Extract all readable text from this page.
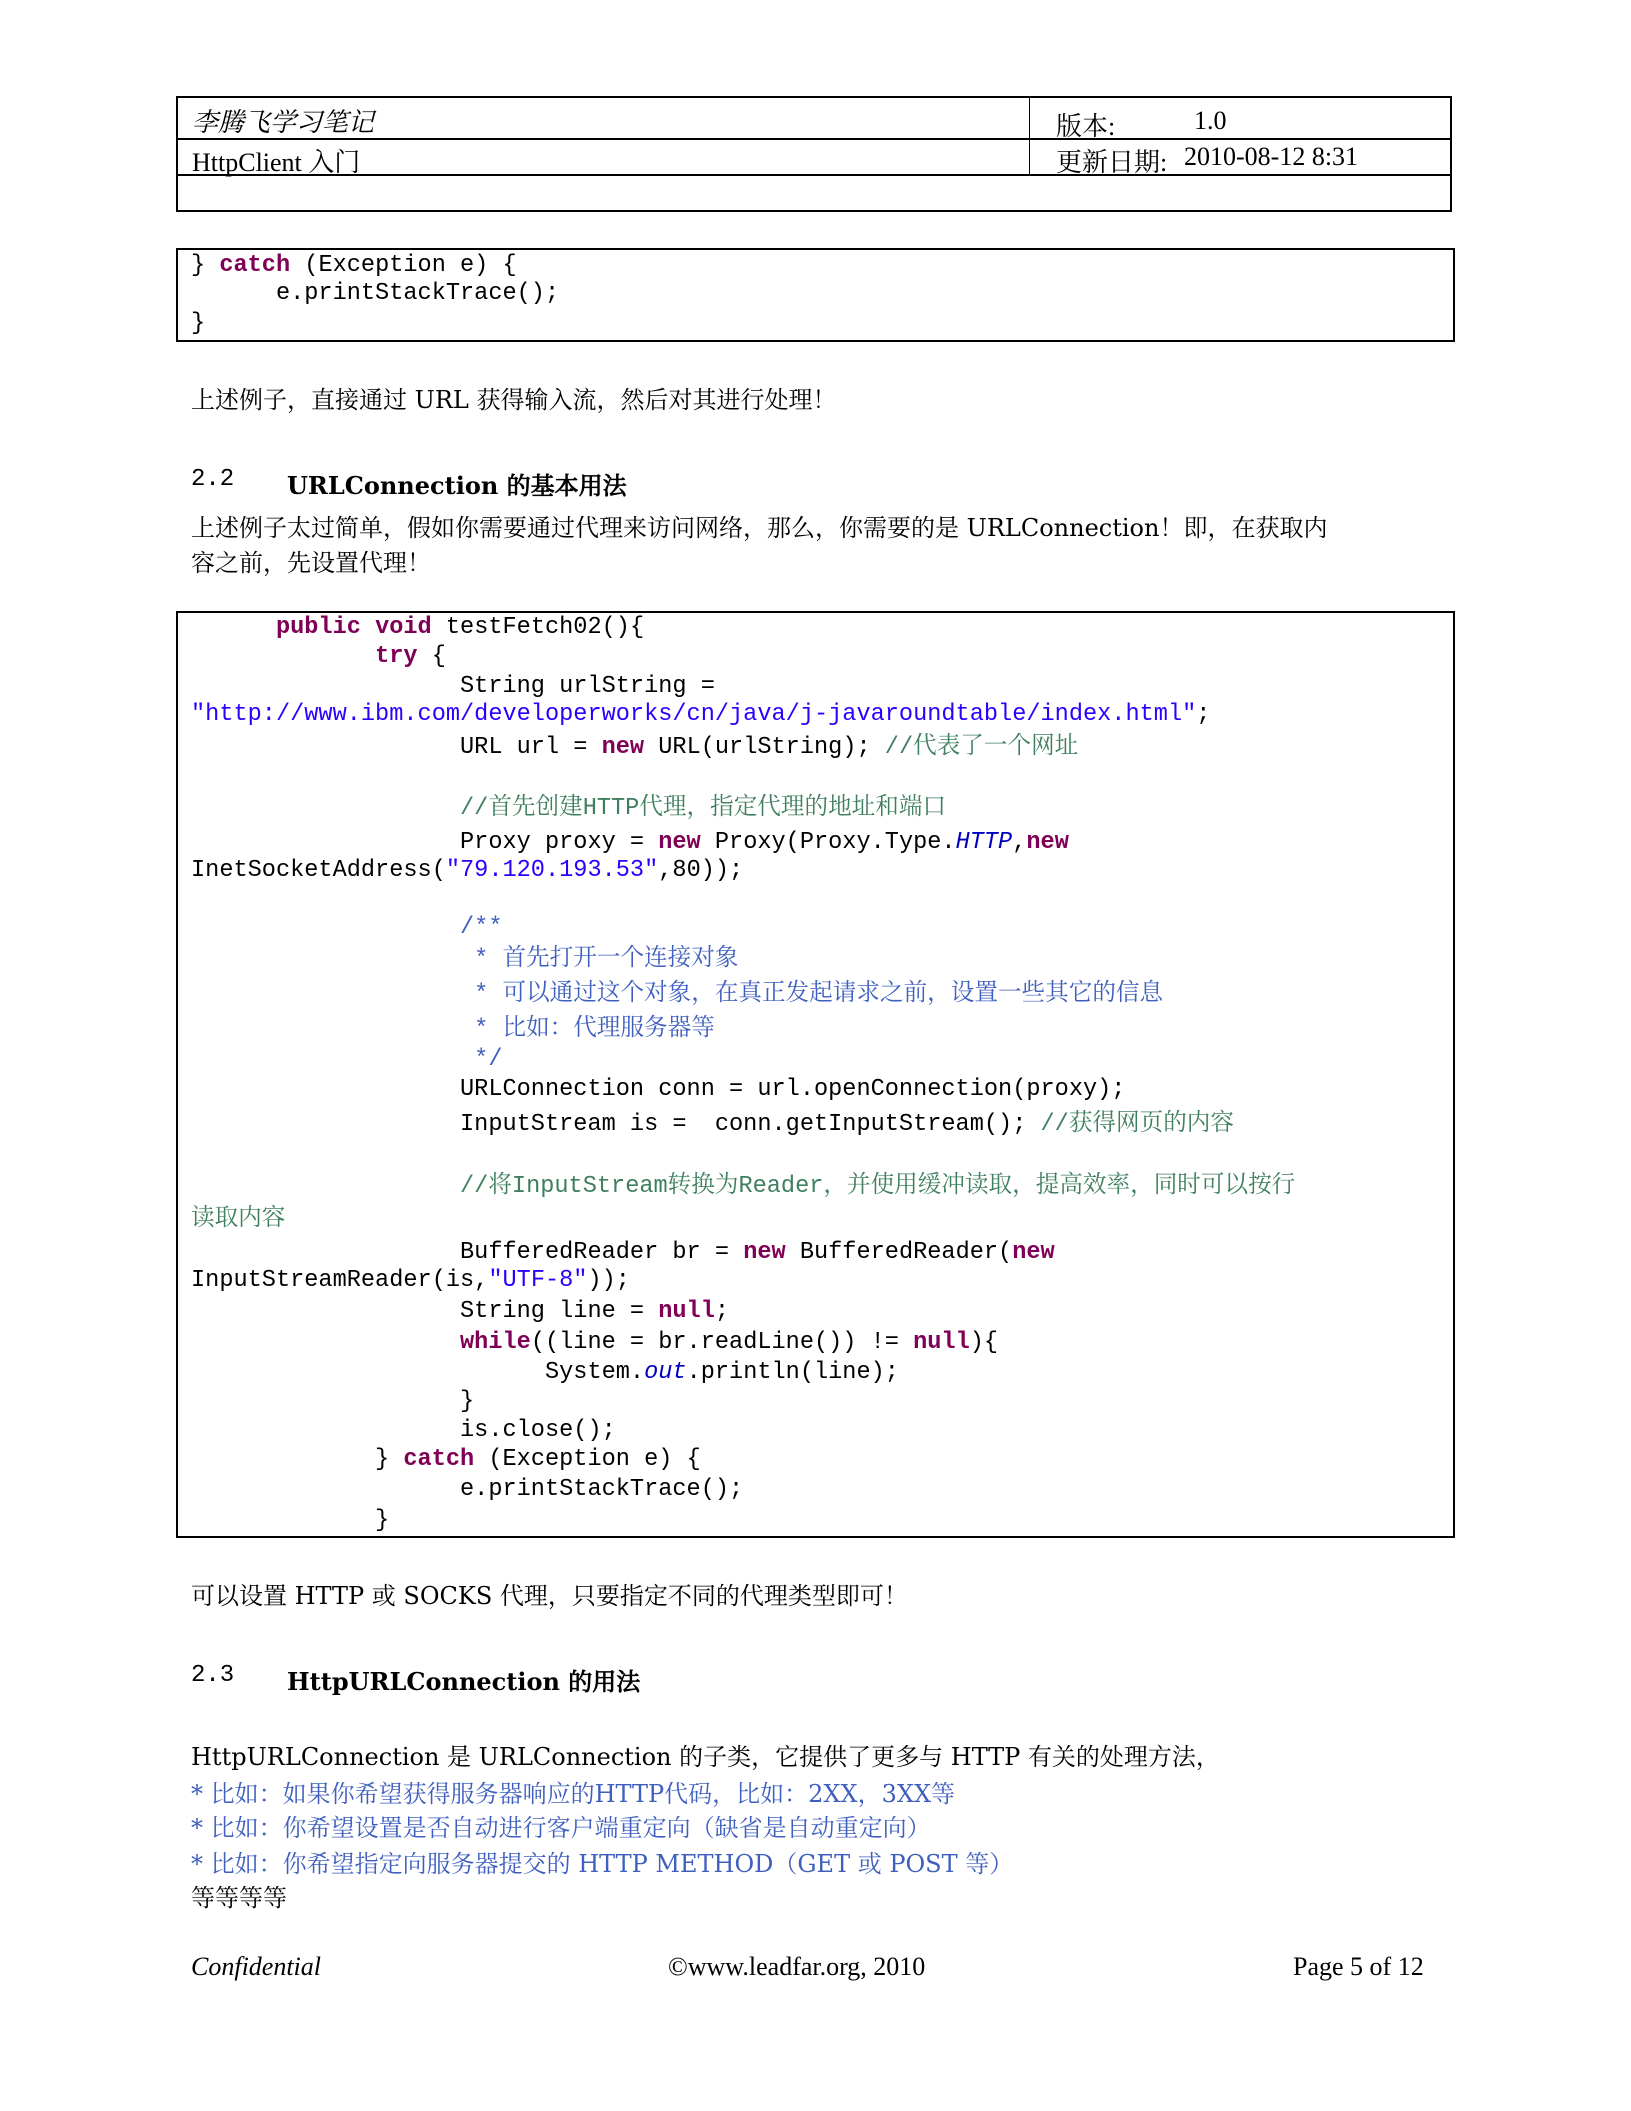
李腾飞学习笔记	版本:	1.0
HttpClient 入门	更新日期: 2010-08-12 8:31
} catch (Exception e) {
e.printStackTrace();
}
上述例子，直接通过 URL 获得输入流，然后对其进行处理！
2.2 URLConnection 的基本用法
上述例子太过简单，假如你需要通过代理来访问网络，那么，你需要的是 URLConnection！即，在获取内
容之前，先设置代理！
public void testFetch02(){
try {
String urlString =
"http://www.ibm.com/developerworks/cn/java/j-javaroundtable/index.html";
URL url = new URL(urlString); //代表了一个网址
//首先创建HTTP代理，指定代理的地址和端口
Proxy proxy = new Proxy(Proxy.Type.HTTP,new
InetSocketAddress("79.120.193.53",80));
/**
* 首先打开一个连接对象
* 可以通过这个对象，在真正发起请求之前，设置一些其它的信息
* 比如：代理服务器等
*/
URLConnection conn = url.openConnection(proxy);
InputStream is =  conn.getInputStream(); //获得网页的内容
//将InputStream转换为Reader，并使用缓冲读取，提高效率，同时可以按行
读取内容
BufferedReader br = new BufferedReader(new
InputStreamReader(is,"UTF-8"));
String line = null;
while((line = br.readLine()) != null){
System.out.println(line);
}
is.close();
} catch (Exception e) {
e.printStackTrace();
}
可以设置 HTTP 或 SOCKS 代理，只要指定不同的代理类型即可！
2.3 HttpURLConnection 的用法
HttpURLConnection 是 URLConnection 的子类，它提供了更多与 HTTP 有关的处理方法，
* 比如：如果你希望获得服务器响应的HTTP代码，比如：2XX，3XX等
* 比如：你希望设置是否自动进行客户端重定向（缺省是自动重定向）
* 比如：你希望指定向服务器提交的 HTTP METHOD（GET 或 POST 等）
等等等等
Confidential	©www.leadfar.org, 2010	Page 5 of 12
